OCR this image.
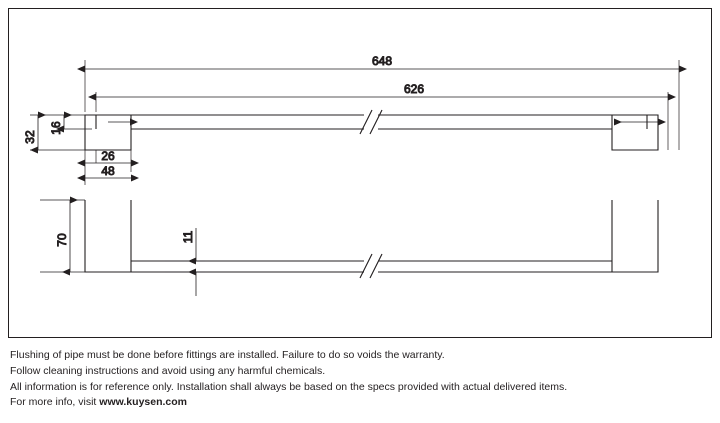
648
626
32
16
26
48
70	11
Flushing of pipe must be done before fittings are installed. Failure to do so voids the warranty.
Follow cleaning instructions and avoid using any harmful chemicals.
All information is for reference only. Installation shall always be based on the specs provided with actual delivered items.
For more info, visit www.kuysen.com
